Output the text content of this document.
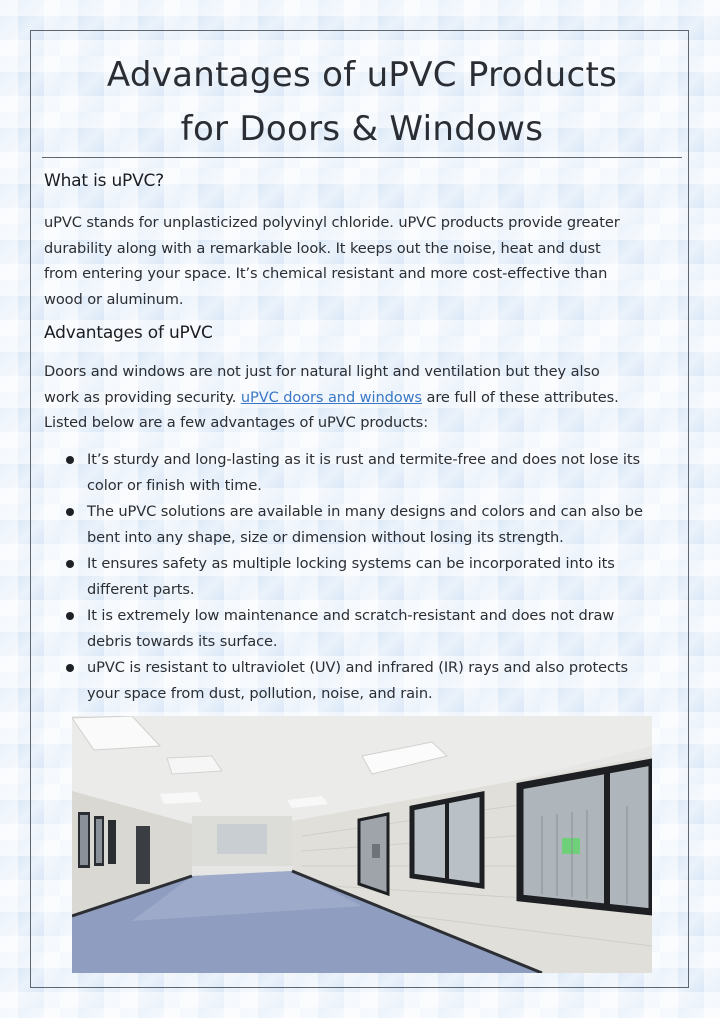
Advantages of uPVC Products
for Doors & Windows
What is uPVC?

uPVC stands for unplasticized polyvinyl chloride. uPVC products provide greater
durability along with a remarkable look. It keeps out the noise, heat and dust
from entering your space. It’s chemical resistant and more cost-effective than
wood or aluminum.

Advantages of uPVC

Doors and windows are not just for natural light and ventilation but they also
work as providing security. uPVC doors and windows are full of these attributes.
Listed below are a few advantages of uPVC products:

It’s sturdy and long-lasting as it is rust and termite-free and does not lose its
color or finish with time.
The uPVC solutions are available in many designs and colors and can also be
bent into any shape, size or dimension without losing its strength.
It ensures safety as multiple locking systems can be incorporated into its
different parts.
It is extremely low maintenance and scratch-resistant and does not draw
debris towards its surface.
uPVC is resistant to ultraviolet (UV) and infrared (IR) rays and also protects
your space from dust, pollution, noise, and rain.
